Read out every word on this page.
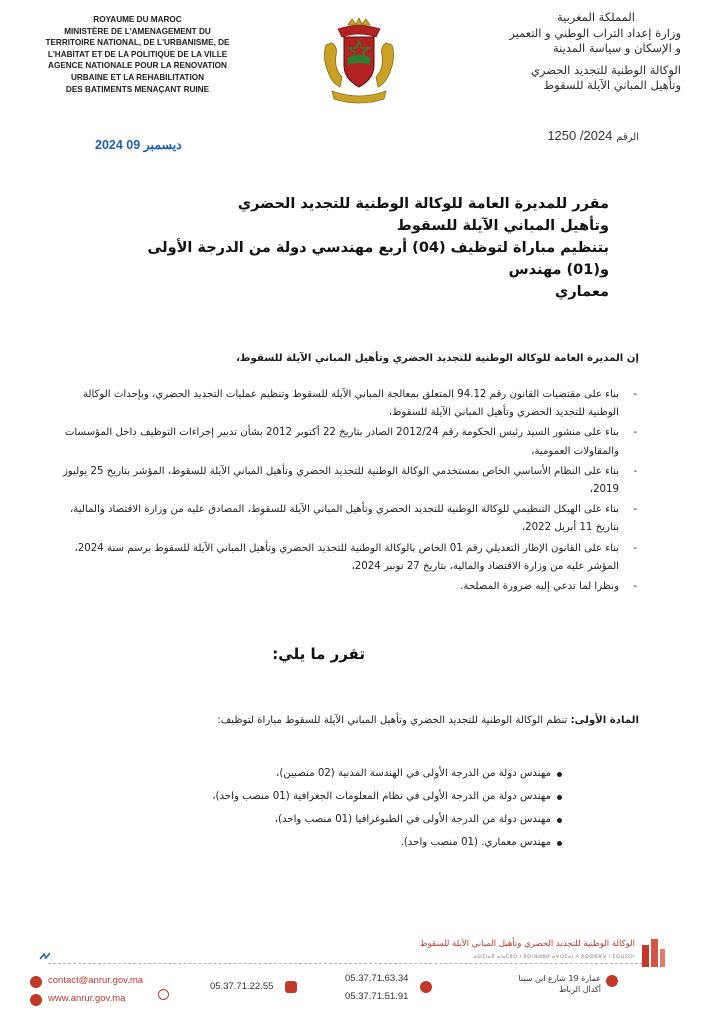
ROYAUME DU MAROC
MINISTÈRE DE L'AMENAGEMENT DU
TERRITOIRE NATIONAL, DE L'URBANISME, DE
L'HABITAT ET DE LA POLITIQUE DE LA VILLE
AGENCE NATIONALE POUR LA RENOVATION
URBAINE ET LA REHABILITATION
DES BATIMENTS MENAÇANT RUINE
المملكة المغربية
وزارة إعداد التراب الوطني و التعمير
و الإسكان و سياسة المدينة
الوكالة الوطنية للتجديد الحضري
وتأهيل المباني الآيلة للسقوط
2024 ديسمبر 09
الرقم 2024/ 1250
مقرر للمديرة العامة للوكالة الوطنية للتجديد الحضري
وتأهيل المباني الآيلة للسقوط
بتنظيم مباراة لتوظيف (04) أربع مهندسي دولة من الدرجة الأولى و(01) مهندس
معماري
إن المديرة العامة للوكالة الوطنية للتجديد الحضري وتأهيل المباني الآيلة للسقوط،
- بناء على مقتضيات القانون رقم 94.12 المتعلق بمعالجة المباني الآيلة للسقوط وتنظيم عمليات التجديد الحضري، وبإحداث الوكالة الوطنية للتجديد الحضري وتأهيل المباني الآيلة للسقوط،
- بناء على منشور السيد رئيس الحكومة رقم 2012/24 الصادر بتاريخ 22 أكتوبر 2012 بشأن تدبير إجراءات التوظيف داخل المؤسسات والمقاولات العمومية،
- بناء على النظام الأساسي الخاص بمستخدمي الوكالة الوطنية للتجديد الحضري وتأهيل المباني الآيلة للسقوط، المؤشر بتاريخ 25 يوليوز 2019،
- بناء على الهيكل التنظيمي للوكالة الوطنية للتجديد الحضري وتأهيل المباني الآيلة للسقوط، المصادق عليه من وزارة الاقتصاد والمالية، بتاريخ 11 أبريل 2022،
- بناء على القانون الإطار التعديلي رقم 01 الخاص بالوكالة الوطنية للتجديد الحضري وتأهيل المباني الآيلة للسقوط برسم سنة 2024، المؤشر عليه من وزارة الاقتصاد والمالية، بتاريخ 27 نونبر 2024،
- ونظرا لما تدعي إليه ضرورة المصلحة.
تقرر ما يلي:
المادة الأولى: تنظم الوكالة الوطنية للتجديد الحضري وتأهيل المباني الآيلة للسقوط مباراة لتوظيف:
مهندس دولة من الدرجة الأولى في الهندسة المدنية (02 منصبين)،
مهندس دولة من الدرجة الأولى في نظام المعلومات الجغرافية (01 منصب واحد)،
مهندس دولة من الدرجة الأولى في الطبوغرافيا (01 منصب واحد)،
مهندس معماري. (01 منصب واحد).
الوكالة الوطنية للتجديد الحضري وتأهيل المباني الآيلة للسقوط
ⴰⵙⵉⵏⴰⴳ ⴰⵏⴰⵎⵓⵔ ⵏ ⵓⵙⵏⴼⵍⵓⵍ ⴰⵖⵔⵎⴰⵏ ⴷ ⵓⵙⵙⵓⴼⵖ ⵏ ⵉⵙⵡⵉⵔⵏ
contact@anrur.gov.ma
www.anrur.gov.ma
05.37.71.22.55
05.37.71.63.34
05.37.71.51.91
عمارة 19 شارع ابن سينا
أكدال الرباط
